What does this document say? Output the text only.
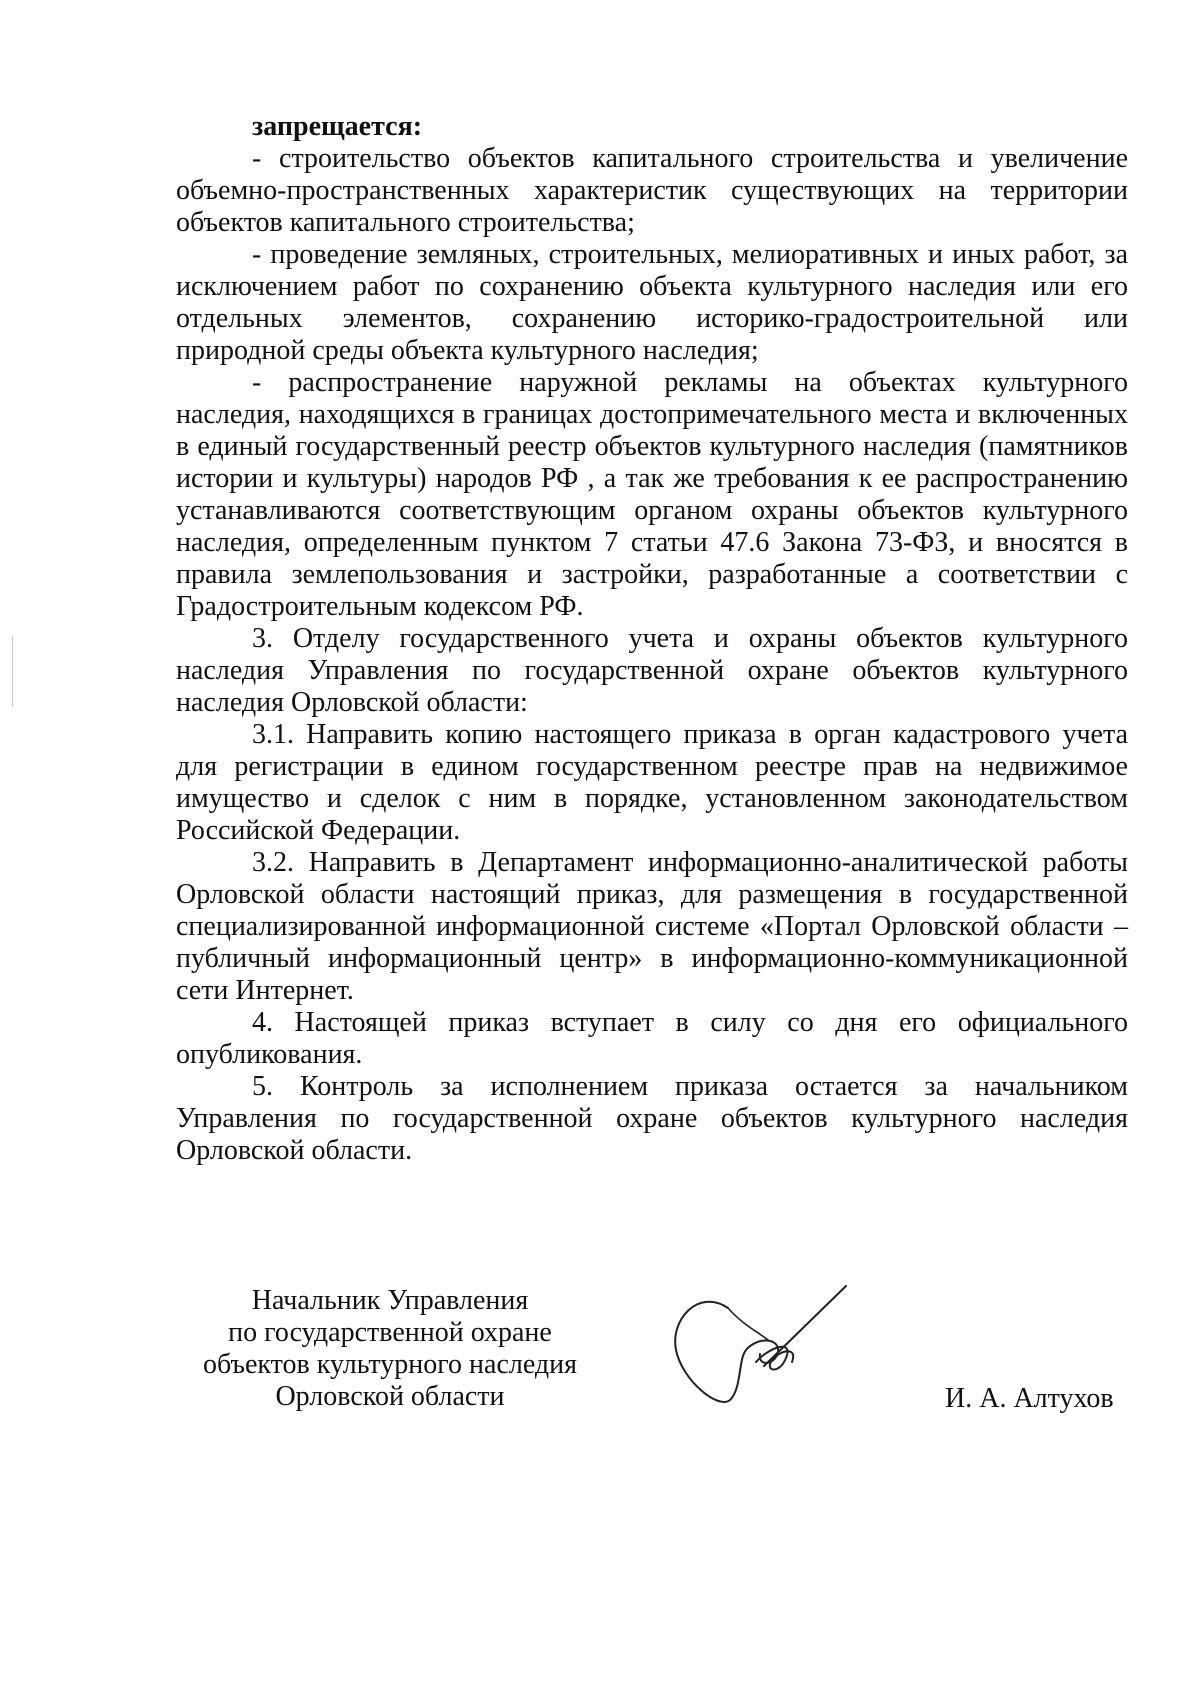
запрещается:

- строительство объектов капитального строительства и увеличение объемно-пространственных характеристик существующих на территории объектов капитального строительства;

- проведение земляных, строительных, мелиоративных и иных работ, за исключением работ по сохранению объекта культурного наследия или его отдельных элементов, сохранению историко-градостроительной или природной среды объекта культурного наследия;

- распространение наружной рекламы на объектах культурного наследия, находящихся в границах достопримечательного места и включенных в единый государственный реестр объектов культурного наследия (памятников истории и культуры) народов РФ , а так же требования к ее распространению устанавливаются соответствующим органом охраны объектов культурного наследия, определенным пунктом 7 статьи 47.6 Закона 73-ФЗ, и вносятся в правила землепользования и застройки, разработанные а соответствии с Градостроительным кодексом РФ.

3. Отделу государственного учета и охраны объектов культурного наследия Управления по государственной охране объектов культурного наследия Орловской области:

3.1. Направить копию настоящего приказа в орган кадастрового учета для регистрации в едином государственном реестре прав на недвижимое имущество и сделок с ним в порядке, установленном законодательством Российской Федерации.

3.2. Направить в Департамент информационно-аналитической работы Орловской области настоящий приказ, для размещения в государственной специализированной информационной системе «Портал Орловской области – публичный информационный центр» в информационно-коммуникационной сети Интернет.

4. Настоящей приказ вступает в силу со дня его официального опубликования.

5. Контроль за исполнением приказа остается за начальником Управления по государственной охране объектов культурного наследия Орловской области.

Начальник Управления
по государственной охране
объектов культурного наследия
Орловской области	И. А. Алтухов
